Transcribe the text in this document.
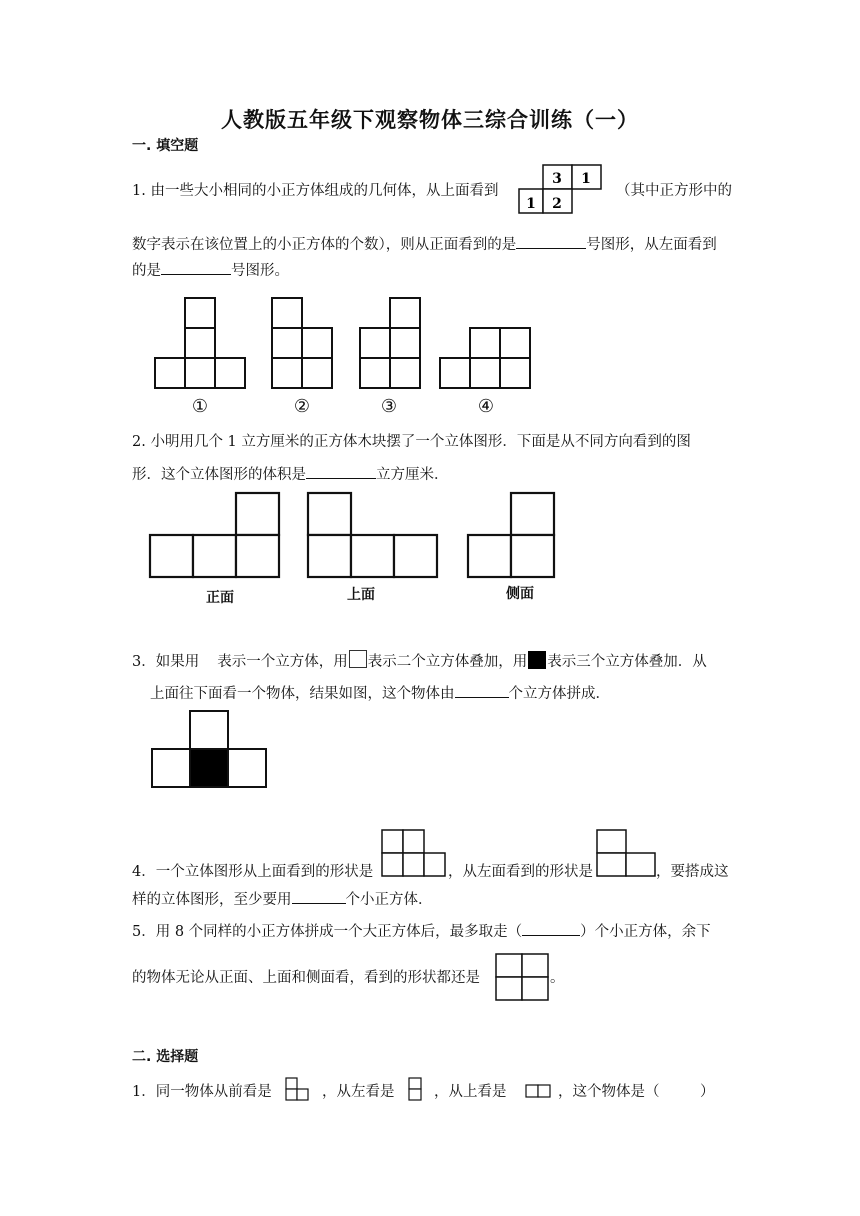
人教版五年级下观察物体三综合训练（一）
一. 填空题
1. 由一些大小相同的小正方体组成的几何体，从上面看到
3 1
1 2
（其中正方形中的
数字表示在该位置上的小正方体的个数），则从正面看到的是	号图形，从左面看到
的是	号图形。
①	②	③	④
2. 小明用几个 1 立方厘米的正方体木块摆了一个立体图形．下面是从不同方向看到的图
形．这个立体图形的体积是	立方厘米．
正面	上面	侧面
3．如果用 表示一个立方体，用 表示二个立方体叠加，用 表示三个立方体叠加．从
上面往下面看一个物体，结果如图，这个物体由	个立方体拼成．
4．一个立体图形从上面看到的形状是	，从左面看到的形状是	，要搭成这
样的立体图形，至少要用	个小正方体．
5．用 8 个同样的小正方体拼成一个大正方体后，最多取走（	）个小正方体，余下
的物体无论从正面、上面和侧面看，看到的形状都还是	。
二. 选择题
1．同一物体从前看是	，从左看是	，从上看是	，这个物体是（	）
